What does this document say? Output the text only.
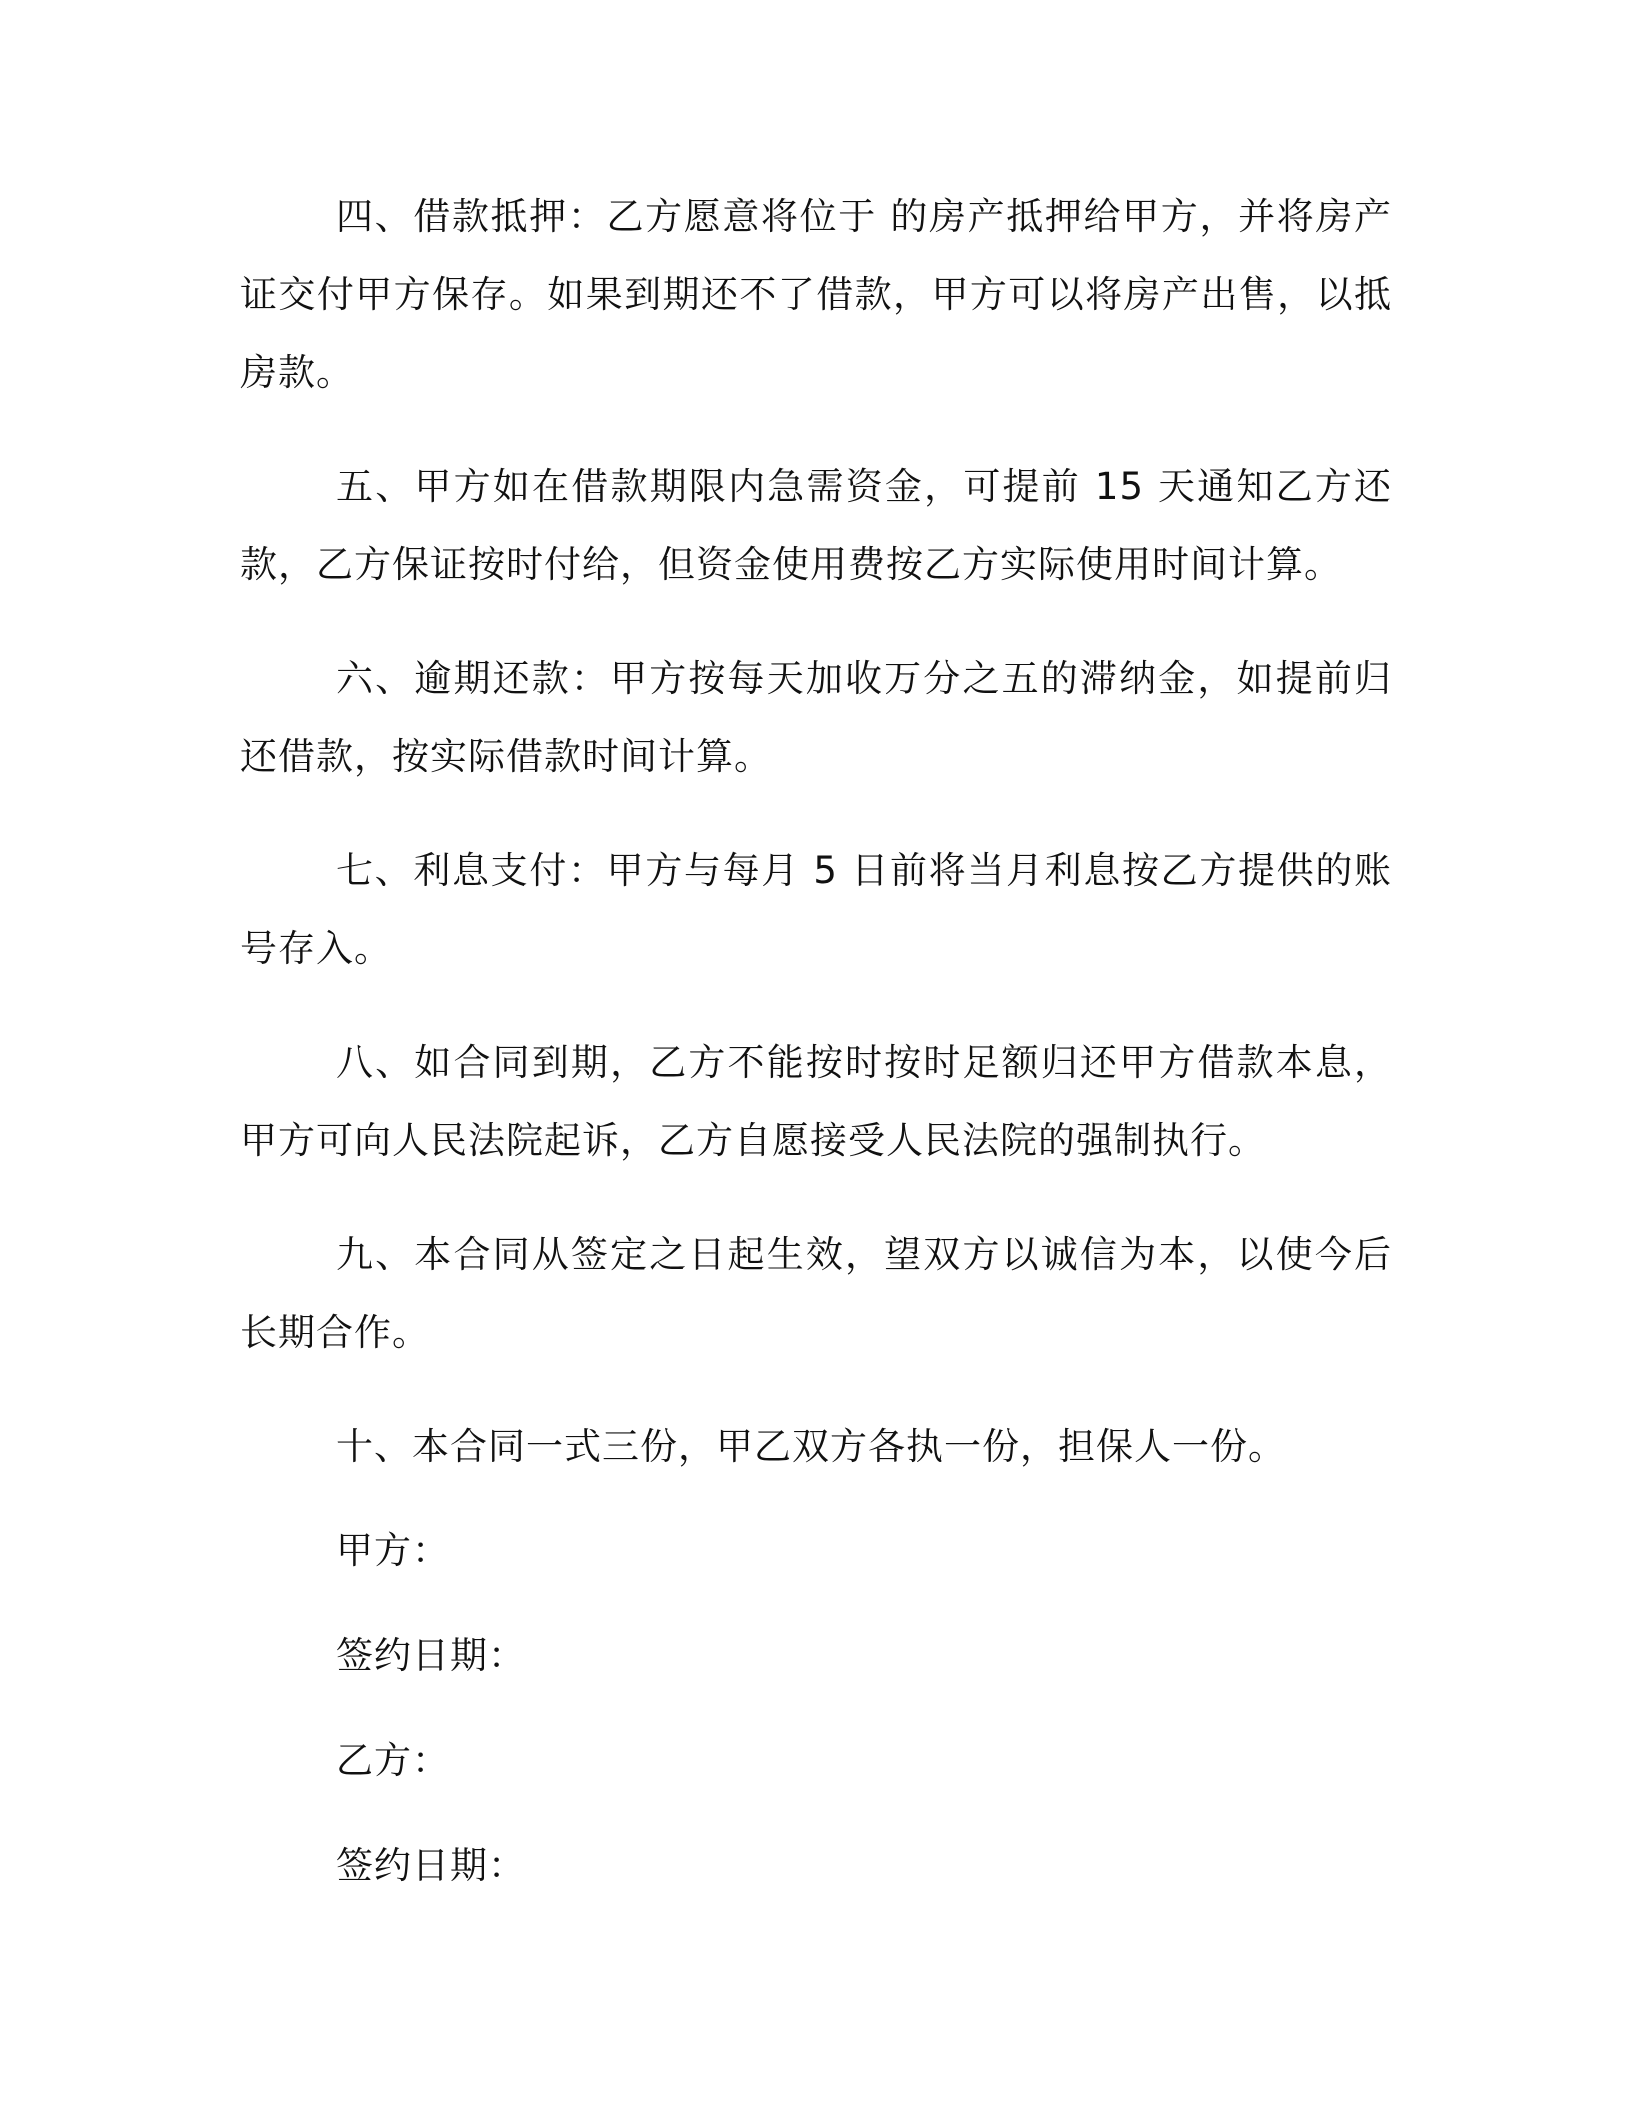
四、借款抵押：乙方愿意将位于 的房产抵押给甲方，并将房产证交付甲方保存。如果到期还不了借款，甲方可以将房产出售，以抵房款。

五、甲方如在借款期限内急需资金，可提前 15 天通知乙方还款，乙方保证按时付给，但资金使用费按乙方实际使用时间计算。

六、逾期还款：甲方按每天加收万分之五的滞纳金，如提前归还借款，按实际借款时间计算。

七、利息支付：甲方与每月 5 日前将当月利息按乙方提供的账号存入。

八、如合同到期，乙方不能按时按时足额归还甲方借款本息，甲方可向人民法院起诉，乙方自愿接受人民法院的强制执行。

九、本合同从签定之日起生效，望双方以诚信为本，以使今后长期合作。

十、本合同一式三份，甲乙双方各执一份，担保人一份。

甲方：

签约日期：

乙方：

签约日期：
